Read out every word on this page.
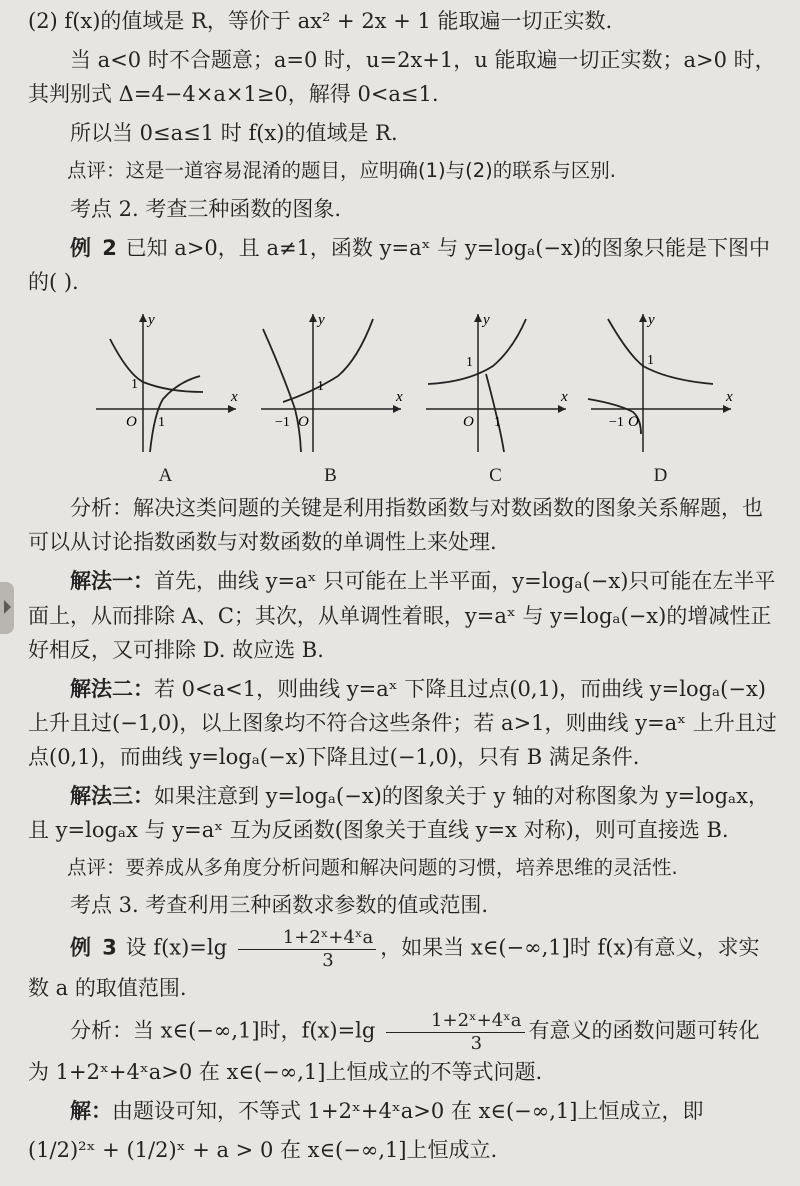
(2) f(x)的值域是 R，等价于 ax² + 2x + 1 能取遍一切正实数.

当 a<0 时不合题意；a=0 时，u=2x+1，u 能取遍一切正实数；a>0 时，其判别式 Δ=4−4×a×1≥0，解得 0<a≤1.

所以当 0≤a≤1 时 f(x)的值域是 R.

点评：这是一道容易混淆的题目，应明确(1)与(2)的联系与区别.

考点 2. 考查三种函数的图象.

例 2 已知 a>0，且 a≠1，函数 y=aˣ 与 y=logₐ(−x)的图象只能是下图中的( ).

O
x
y
1
1
A
O
x
y
1
−1
B
O
x
y
1
1
C
O
x
y
1
−1
D

分析：解决这类问题的关键是利用指数函数与对数函数的图象关系解题，也可以从讨论指数函数与对数函数的单调性上来处理.

解法一：首先，曲线 y=aˣ 只可能在上半平面，y=logₐ(−x)只可能在左半平面上，从而排除 A、C；其次，从单调性着眼，y=aˣ 与 y=logₐ(−x)的增减性正好相反，又可排除 D. 故应选 B.

解法二：若 0<a<1，则曲线 y=aˣ 下降且过点(0,1)，而曲线 y=logₐ(−x)上升且过(−1,0)，以上图象均不符合这些条件；若 a>1，则曲线 y=aˣ 上升且过点(0,1)，而曲线 y=logₐ(−x)下降且过(−1,0)，只有 B 满足条件.

解法三：如果注意到 y=logₐ(−x)的图象关于 y 轴的对称图象为 y=logₐx，且 y=logₐx 与 y=aˣ 互为反函数(图象关于直线 y=x 对称)，则可直接选 B.

点评：要养成从多角度分析问题和解决问题的习惯，培养思维的灵活性.

考点 3. 考查利用三种函数求参数的值或范围.

例 3 设 $f(x)=\lg \frac{\text{1+2ˣ+4ˣa}}{3}$ ，如果当 x∈(−∞,1]时 f(x)有意义，求实数 a 的取值范围.

分析：当 x∈(−∞,1]时，$f(x)=\lg \frac{\text{1+2ˣ+4ˣa}}{3}$ 有意义的函数问题可转化为 1+2ˣ+4ˣa>0 在 x∈(−∞,1]上恒成立的不等式问题.

解：由题设可知，不等式 1+2ˣ+4ˣa>0 在 x∈(−∞,1]上恒成立，即

(1/2)²ˣ + (1/2)ˣ + a > 0 在 x∈(−∞,1]上恒成立.
